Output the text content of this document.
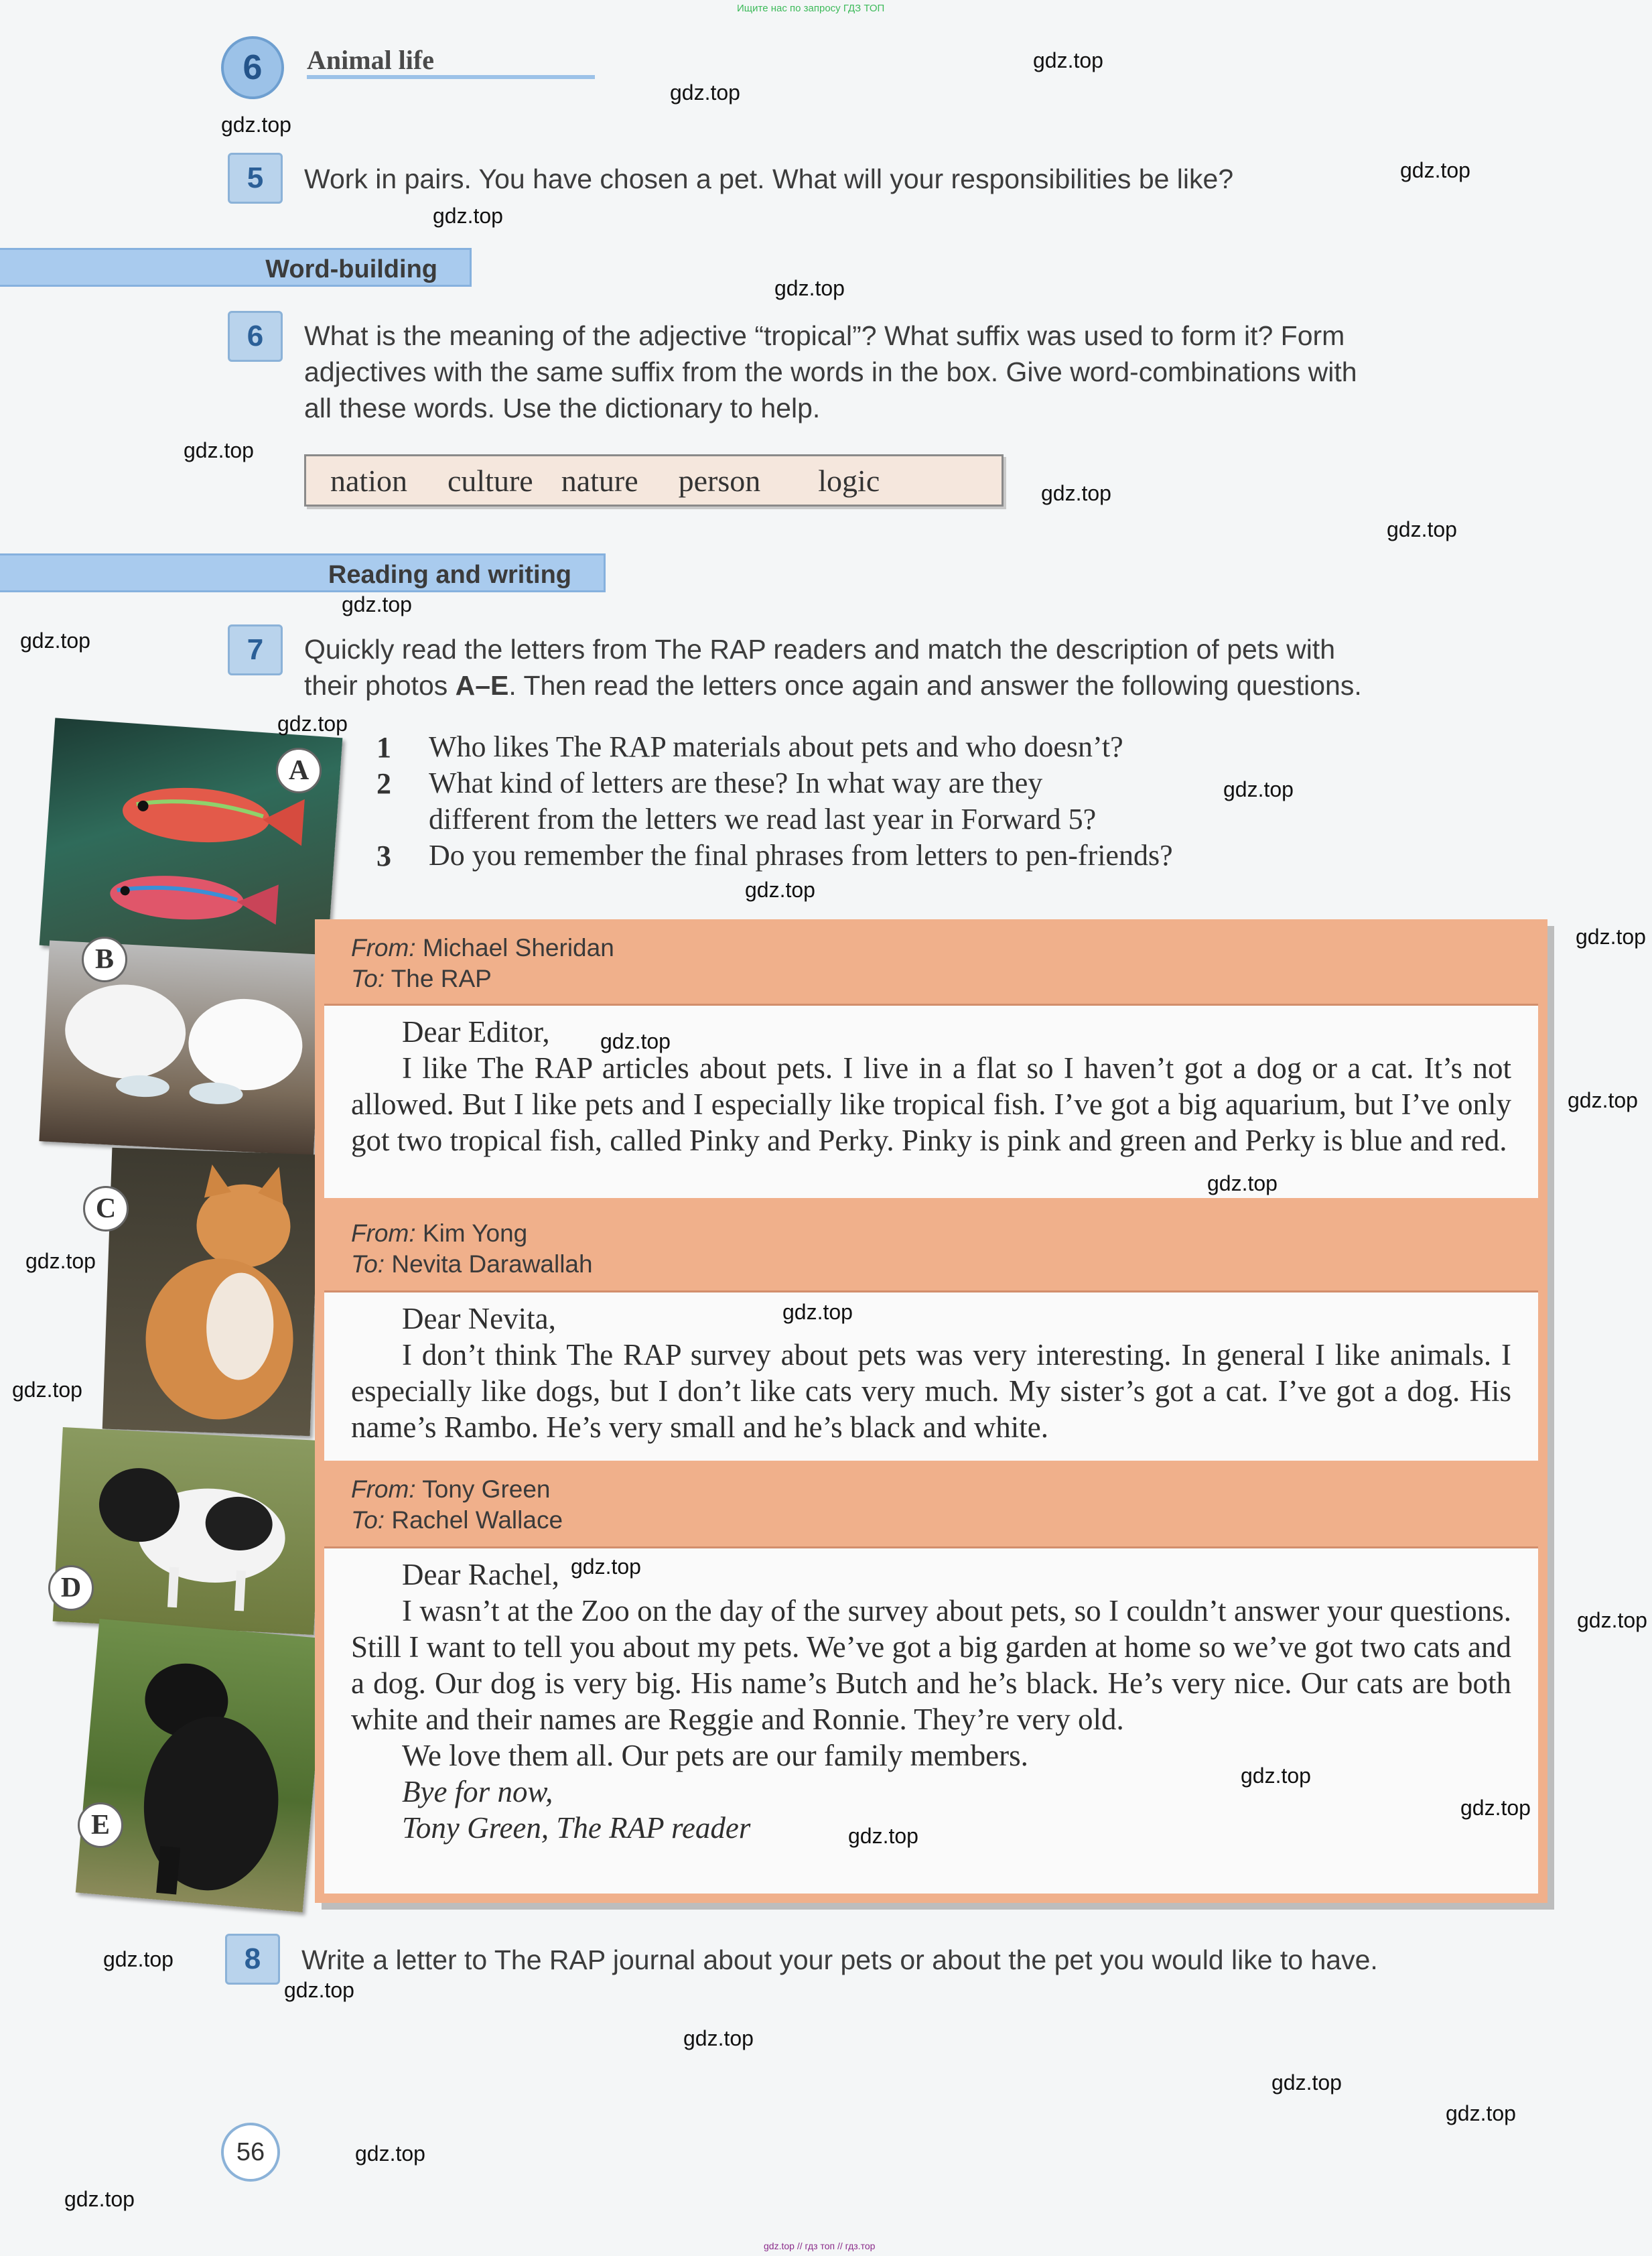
Ищите нас по запросу ГДЗ ТОП
6	Animal life
5	Work in pairs. You have chosen a pet. What will your responsibilities be like?
Word-building
6	What is the meaning of the adjective “tropical”? What suffix was used to form it? Form
adjectives with the same suffix from the words in the box. Give word-combinations with
all these words. Use the dictionary to help.
nation culture nature person logic
Reading and writing
7	Quickly read the letters from The RAP readers and match the description of pets with
their photos A–E. Then read the letters once again and answer the following questions.
1 Who likes The RAP materials about pets and who doesn’t?
2 What kind of letters are these? In what way are they
different from the letters we read last year in Forward 5?
3 Do you remember the final phrases from letters to pen-friends?
A
B
C
D
E
From: Michael Sheridan
To: The RAP
Dear Editor,
I like The RAP articles about pets. I live in a flat so I haven’t got a dog or a cat. It’s not allowed. But I like pets and I especially like tropical fish. I’ve got a big aquarium, but I’ve only got two tropical fish, called Pinky and Perky. Pinky is pink and green and Perky is blue and red.
From: Kim Yong
To: Nevita Darawallah
Dear Nevita,
I don’t think The RAP survey about pets was very interesting. In general I like animals. I especially like dogs, but I don’t like cats very much. My sister’s got a cat. I’ve got a dog. His name’s Rambo. He’s very small and he’s black and white.
From: Tony Green
To: Rachel Wallace
Dear Rachel,
I wasn’t at the Zoo on the day of the survey about pets, so I couldn’t answer your questions. Still I want to tell you about my pets. We’ve got a big garden at home so we’ve got two cats and a dog. Our dog is very big. His name’s Butch and he’s black. He’s very nice. Our cats are both white and their names are Reggie and Ronnie. They’re very old.
We love them all. Our pets are our family members.
Bye for now,
Tony Green, The RAP reader
8	Write a letter to The RAP journal about your pets or about the pet you would like to have.
56
gdz.top
gdz.top
gdz.top
gdz.top
gdz.top
gdz.top
gdz.top
gdz.top
gdz.top
gdz.top
gdz.top
gdz.top
gdz.top
gdz.top
gdz.top
gdz.top
gdz.top
gdz.top
gdz.top
gdz.top
gdz.top
gdz.top
gdz.top
gdz.top
gdz.top
gdz.top
gdz.top
gdz.top
gdz.top
gdz.top
gdz.top
gdz.top
gdz.top
gdz.top // гдз топ // гдз.тор
